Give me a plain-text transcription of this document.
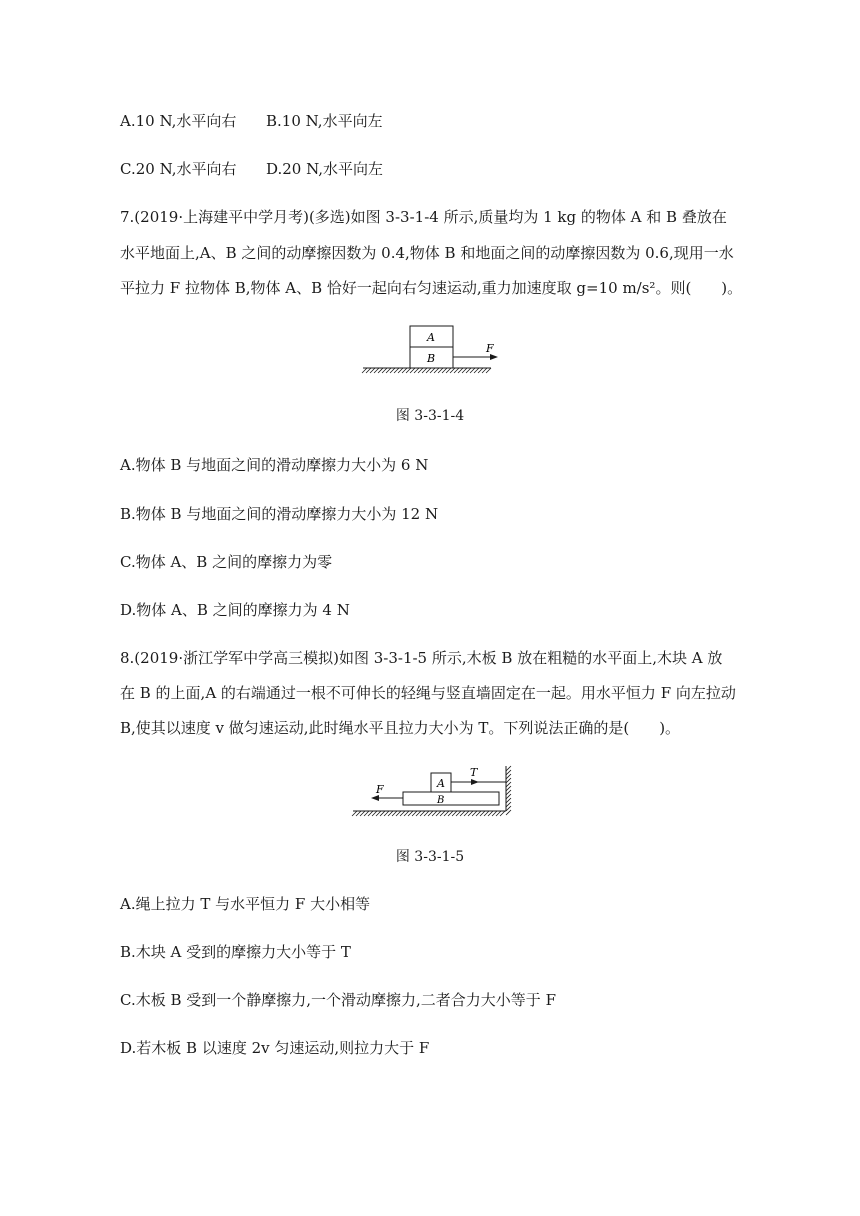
A.10 N,水平向右 B.10 N,水平向左
C.20 N,水平向右 D.20 N,水平向左
7.(2019·上海建平中学月考)(多选)如图 3-3-1-4 所示,质量均为 1 kg 的物体 A 和 B 叠放在
水平地面上,A、B 之间的动摩擦因数为 0.4,物体 B 和地面之间的动摩擦因数为 0.6,现用一水
平拉力 F 拉物体 B,物体 A、B 恰好一起向右匀速运动,重力加速度取 g=10 m/s²。则(　　)。
A
B
F
图 3-3-1-4
A.物体 B 与地面之间的滑动摩擦力大小为 6 N
B.物体 B 与地面之间的滑动摩擦力大小为 12 N
C.物体 A、B 之间的摩擦力为零
D.物体 A、B 之间的摩擦力为 4 N
8.(2019·浙江学军中学高三模拟)如图 3-3-1-5 所示,木板 B 放在粗糙的水平面上,木块 A 放
在 B 的上面,A 的右端通过一根不可伸长的轻绳与竖直墙固定在一起。用水平恒力 F 向左拉动
B,使其以速度 v 做匀速运动,此时绳水平且拉力大小为 T。下列说法正确的是(　　)。
A
B
T
F
图 3-3-1-5
A.绳上拉力 T 与水平恒力 F 大小相等
B.木块 A 受到的摩擦力大小等于 T
C.木板 B 受到一个静摩擦力,一个滑动摩擦力,二者合力大小等于 F
D.若木板 B 以速度 2v 匀速运动,则拉力大于 F
